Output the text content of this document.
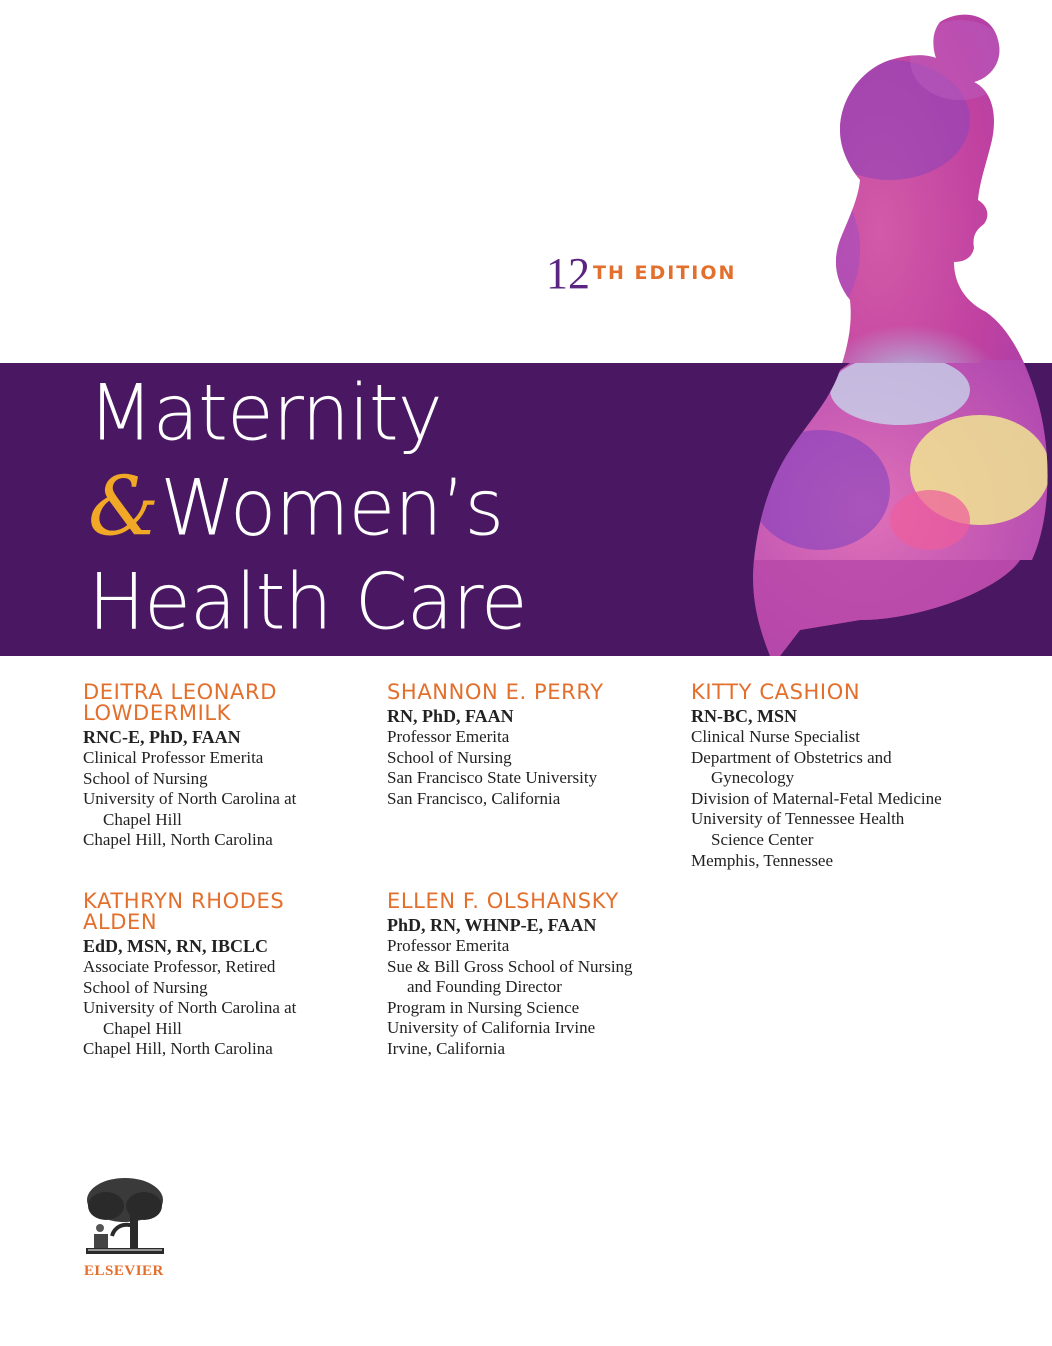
12 TH EDITION
Maternity
&Women’s
Health Care
DEITRA LEONARD
LOWDERMILK
RNC-E, PhD, FAAN
Clinical Professor Emerita
School of Nursing
University of North Carolina at
Chapel Hill
Chapel Hill, North Carolina
SHANNON E. PERRY
RN, PhD, FAAN
Professor Emerita
School of Nursing
San Francisco State University
San Francisco, California
KITTY CASHION
RN-BC, MSN
Clinical Nurse Specialist
Department of Obstetrics and
Gynecology
Division of Maternal-Fetal Medicine
University of Tennessee Health
Science Center
Memphis, Tennessee
KATHRYN RHODES
ALDEN
EdD, MSN, RN, IBCLC
Associate Professor, Retired
School of Nursing
University of North Carolina at
Chapel Hill
Chapel Hill, North Carolina
ELLEN F. OLSHANSKY
PhD, RN, WHNP-E, FAAN
Professor Emerita
Sue & Bill Gross School of Nursing
and Founding Director
Program in Nursing Science
University of California Irvine
Irvine, California
ELSEVIER
